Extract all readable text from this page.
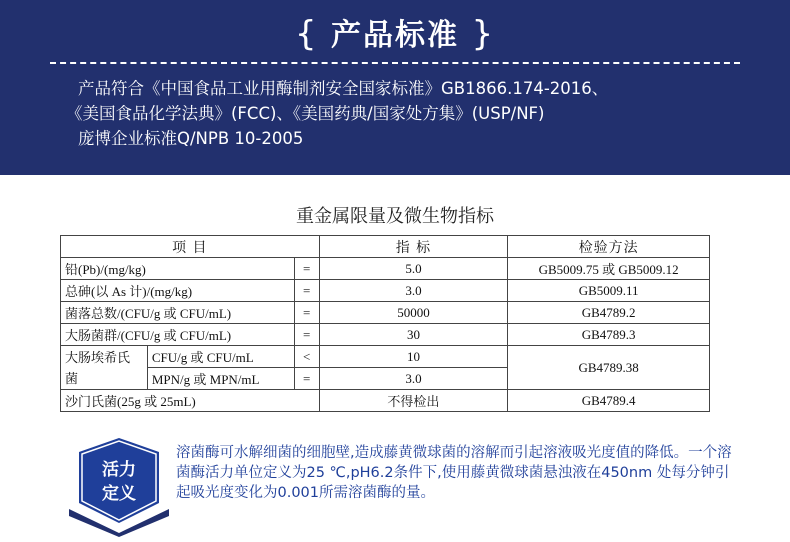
{ 产品标准 }
产品符合《中国食品工业用酶制剂安全国家标准》GB1866.174-2016、
《美国食品化学法典》(FCC)、《美国药典/国家处方集》(USP/NF)
庞博企业标准Q/NPB 10-2005
重金属限量及微生物指标
项 目			指 标	检验方法
铅(Pb)/(mg/kg)		=	5.0	GB5009.75 或 GB5009.12
总砷(以 As 计)/(mg/kg)		=	3.0	GB5009.11
菌落总数/(CFU/g 或 CFU/mL)		=	50000	GB4789.2
大肠菌群/(CFU/g 或 CFU/mL)		=	30	GB4789.3
大肠埃希氏菌	CFU/g 或 CFU/mL	<	10	GB4789.38
	MPN/g 或 MPN/mL	=	3.0	
沙门氏菌(25g 或 25mL)			不得检出	GB4789.4
活力
定义
溶菌酶可水解细菌的细胞壁,造成藤黄微球菌的溶解而引起溶液吸光度值的降低。一个溶菌酶活力单位定义为25 ℃,pH6.2条件下,使用藤黄微球菌悬浊液在450nm 处每分钟引起吸光度变化为0.001所需溶菌酶的量。
